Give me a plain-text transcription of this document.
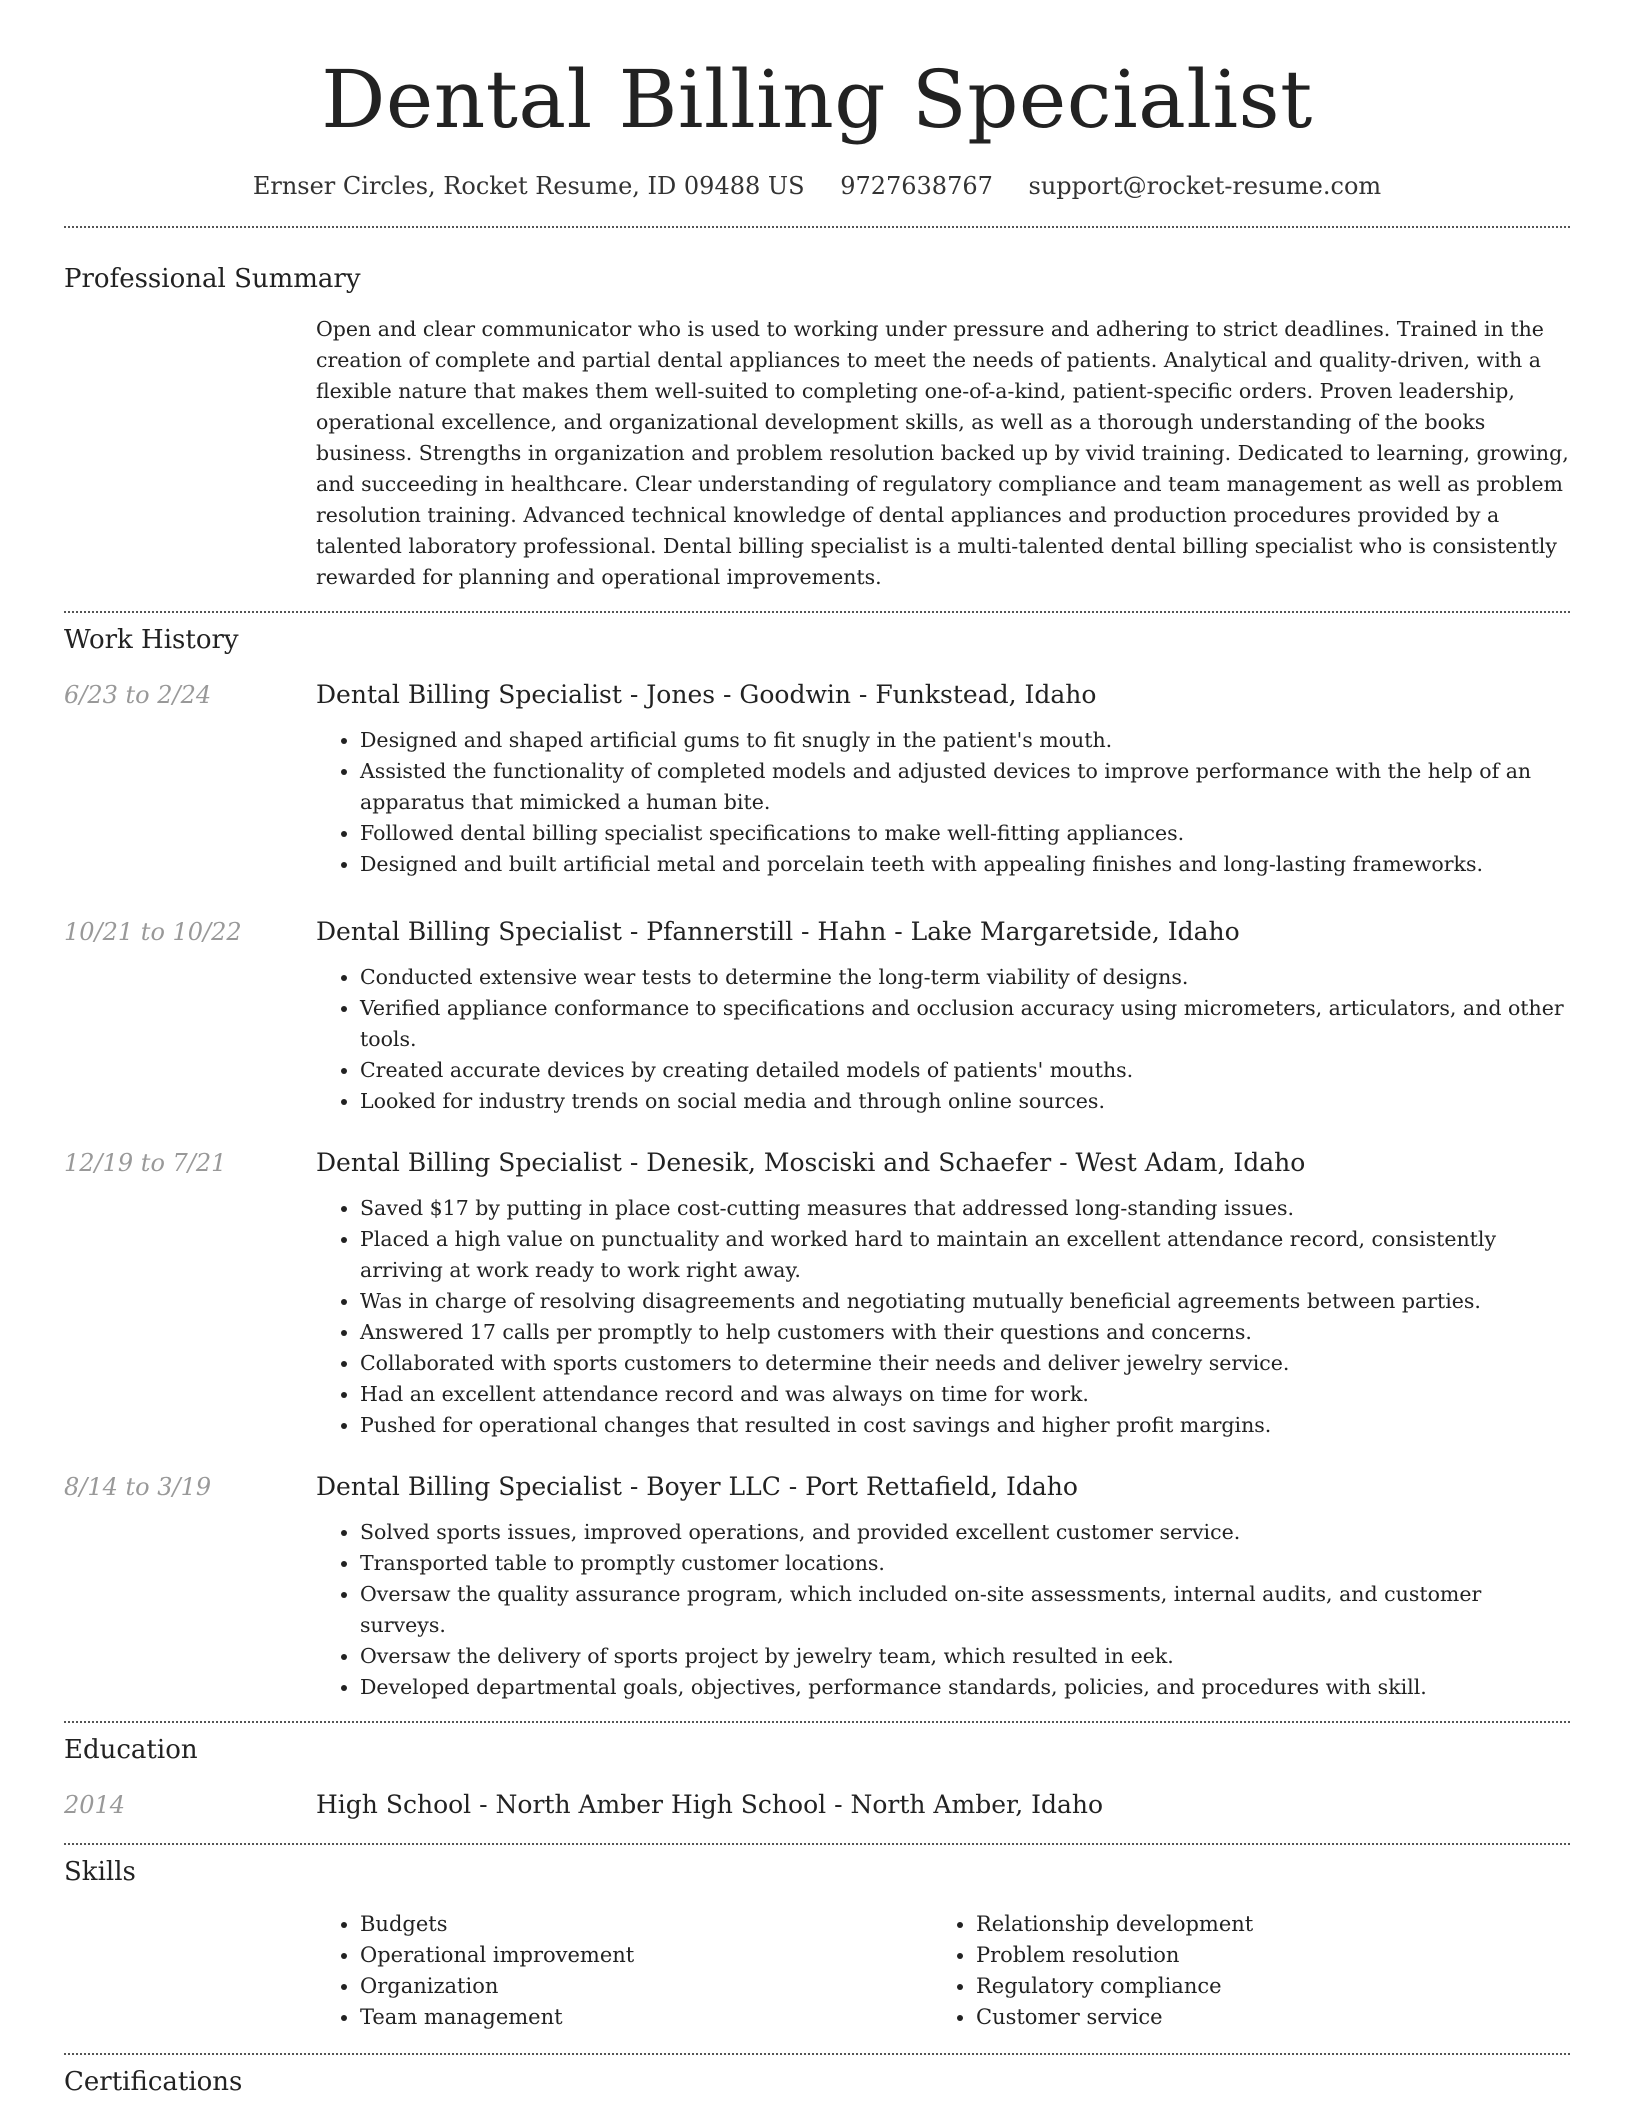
Dental Billing Specialist
Ernser Circles, Rocket Resume, ID 09488 US 9727638767 support@rocket-resume.com
Professional Summary

Open and clear communicator who is used to working under pressure and adhering to strict deadlines. Trained in the creation of complete and partial dental appliances to meet the needs of patients. Analytical and quality-driven, with a flexible nature that makes them well-suited to completing one-of-a-kind, patient-specific orders. Proven leadership, operational excellence, and organizational development skills, as well as a thorough understanding of the books business. Strengths in organization and problem resolution backed up by vivid training. Dedicated to learning, growing, and succeeding in healthcare. Clear understanding of regulatory compliance and team management as well as problem resolution training. Advanced technical knowledge of dental appliances and production procedures provided by a talented laboratory professional. Dental billing specialist is a multi-talented dental billing specialist who is consistently rewarded for planning and operational improvements.

Work History
6/23 to 2/24	Dental Billing Specialist - Jones - Goodwin - Funkstead, Idaho
• Designed and shaped artificial gums to fit snugly in the patient's mouth.
• Assisted the functionality of completed models and adjusted devices to improve performance with the help of an apparatus that mimicked a human bite.
• Followed dental billing specialist specifications to make well-fitting appliances.
• Designed and built artificial metal and porcelain teeth with appealing finishes and long-lasting frameworks.
10/21 to 10/22	Dental Billing Specialist - Pfannerstill - Hahn - Lake Margaretside, Idaho
• Conducted extensive wear tests to determine the long-term viability of designs.
• Verified appliance conformance to specifications and occlusion accuracy using micrometers, articulators, and other tools.
• Created accurate devices by creating detailed models of patients' mouths.
• Looked for industry trends on social media and through online sources.
12/19 to 7/21	Dental Billing Specialist - Denesik, Mosciski and Schaefer - West Adam, Idaho
• Saved $17 by putting in place cost-cutting measures that addressed long-standing issues.
• Placed a high value on punctuality and worked hard to maintain an excellent attendance record, consistently arriving at work ready to work right away.
• Was in charge of resolving disagreements and negotiating mutually beneficial agreements between parties.
• Answered 17 calls per promptly to help customers with their questions and concerns.
• Collaborated with sports customers to determine their needs and deliver jewelry service.
• Had an excellent attendance record and was always on time for work.
• Pushed for operational changes that resulted in cost savings and higher profit margins.
8/14 to 3/19	Dental Billing Specialist - Boyer LLC - Port Rettafield, Idaho
• Solved sports issues, improved operations, and provided excellent customer service.
• Transported table to promptly customer locations.
• Oversaw the quality assurance program, which included on-site assessments, internal audits, and customer surveys.
• Oversaw the delivery of sports project by jewelry team, which resulted in eek.
• Developed departmental goals, objectives, performance standards, policies, and procedures with skill.
Education
2014	High School - North Amber High School - North Amber, Idaho
Skills
• Budgets
• Operational improvement
• Organization
• Team management
• Relationship development
• Problem resolution
• Regulatory compliance
• Customer service
Certifications
